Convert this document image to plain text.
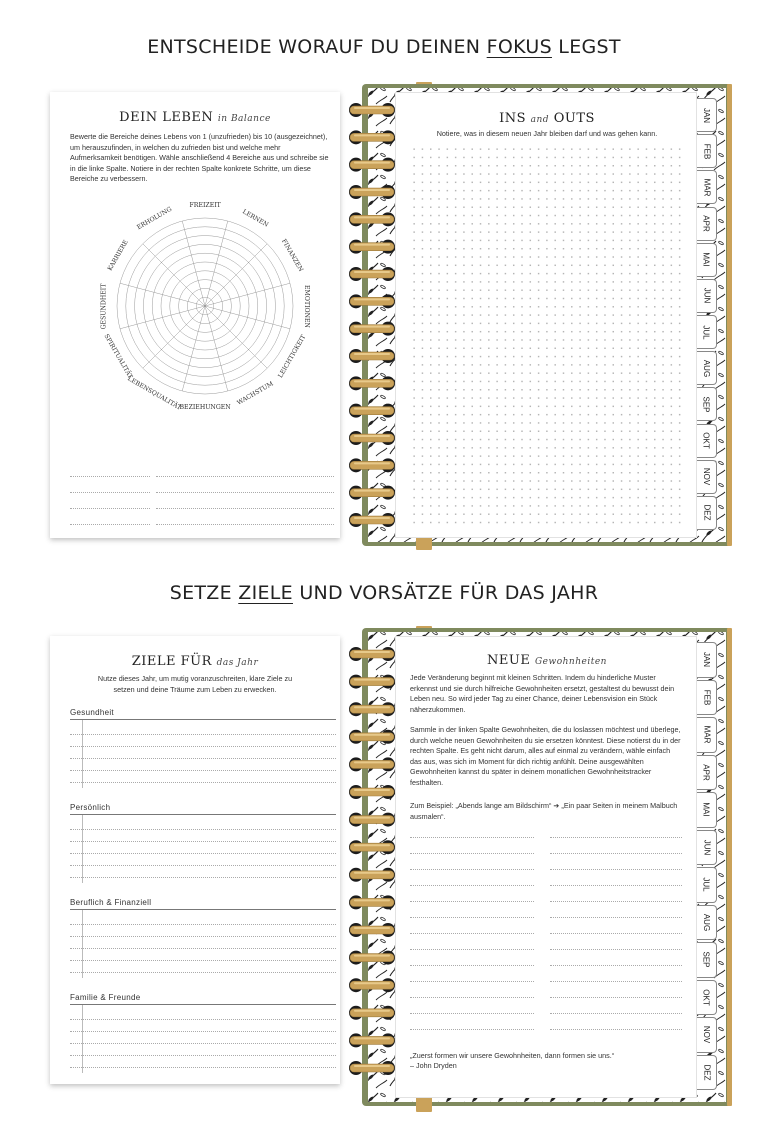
ENTSCHEIDE WORAUF DU DEINEN FOKUS LEGST
DEIN LEBEN in Balance
Bewerte die Bereiche deines Lebens von 1 (unzufrieden) bis 10 (ausgezeichnet), um herauszufinden, in welchen du zufrieden bist und welche mehr Aufmerksamkeit benötigen. Wähle anschließend 4 Bereiche aus und schreibe sie in die linke Spalte. Notiere in der rechten Spalte konkrete Schritte, um diese Bereiche zu verbessern.
FREIZEIT
LERNEN
FINANZEN
EMOTIONEN
LEICHTIGKEIT
WACHSTUM
BEZIEHUNGEN
LEBENSQUALITÄT
SPIRITUALITÄT
GESUNDHEIT
KARRIERE
ERHOLUNG
INS and OUTS
Notiere, was in diesem neuen Jahr bleiben darf und was gehen kann.
JAN
FEB
MAR
APR
MAI
JUN
JUL
AUG
SEP
OKT
NOV
DEZ
SETZE ZIELE UND VORSÄTZE FÜR DAS JAHR
ZIELE FÜR das Jahr
Nutze dieses Jahr, um mutig voranzuschreiten, klare Ziele zu setzen und deine Träume zum Leben zu erwecken.
Gesundheit
Persönlich
Beruflich & Finanziell
Familie & Freunde
NEUE Gewohnheiten
Jede Veränderung beginnt mit kleinen Schritten. Indem du hinderliche Muster erkennst und sie durch hilfreiche Gewohnheiten ersetzt, gestaltest du bewusst dein Leben neu. So wird jeder Tag zu einer Chance, deiner Lebensvision ein Stück näherzukommen.
Sammle in der linken Spalte Gewohnheiten, die du loslassen möchtest und überlege, durch welche neuen Gewohnheiten du sie ersetzen könntest. Diese notierst du in der rechten Spalte. Es geht nicht darum, alles auf einmal zu verändern, wähle einfach das aus, was sich im Moment für dich richtig anfühlt. Deine ausgewählten Gewohnheiten kannst du später in deinem monatlichen Gewohnheitstracker festhalten.
Zum Beispiel: „Abends lange am Bildschirm“ ➔ „Ein paar Seiten in meinem Malbuch ausmalen“.
„Zuerst formen wir unsere Gewohnheiten, dann formen sie uns.“
– John Dryden
JAN
FEB
MAR
APR
MAI
JUN
JUL
AUG
SEP
OKT
NOV
DEZ
